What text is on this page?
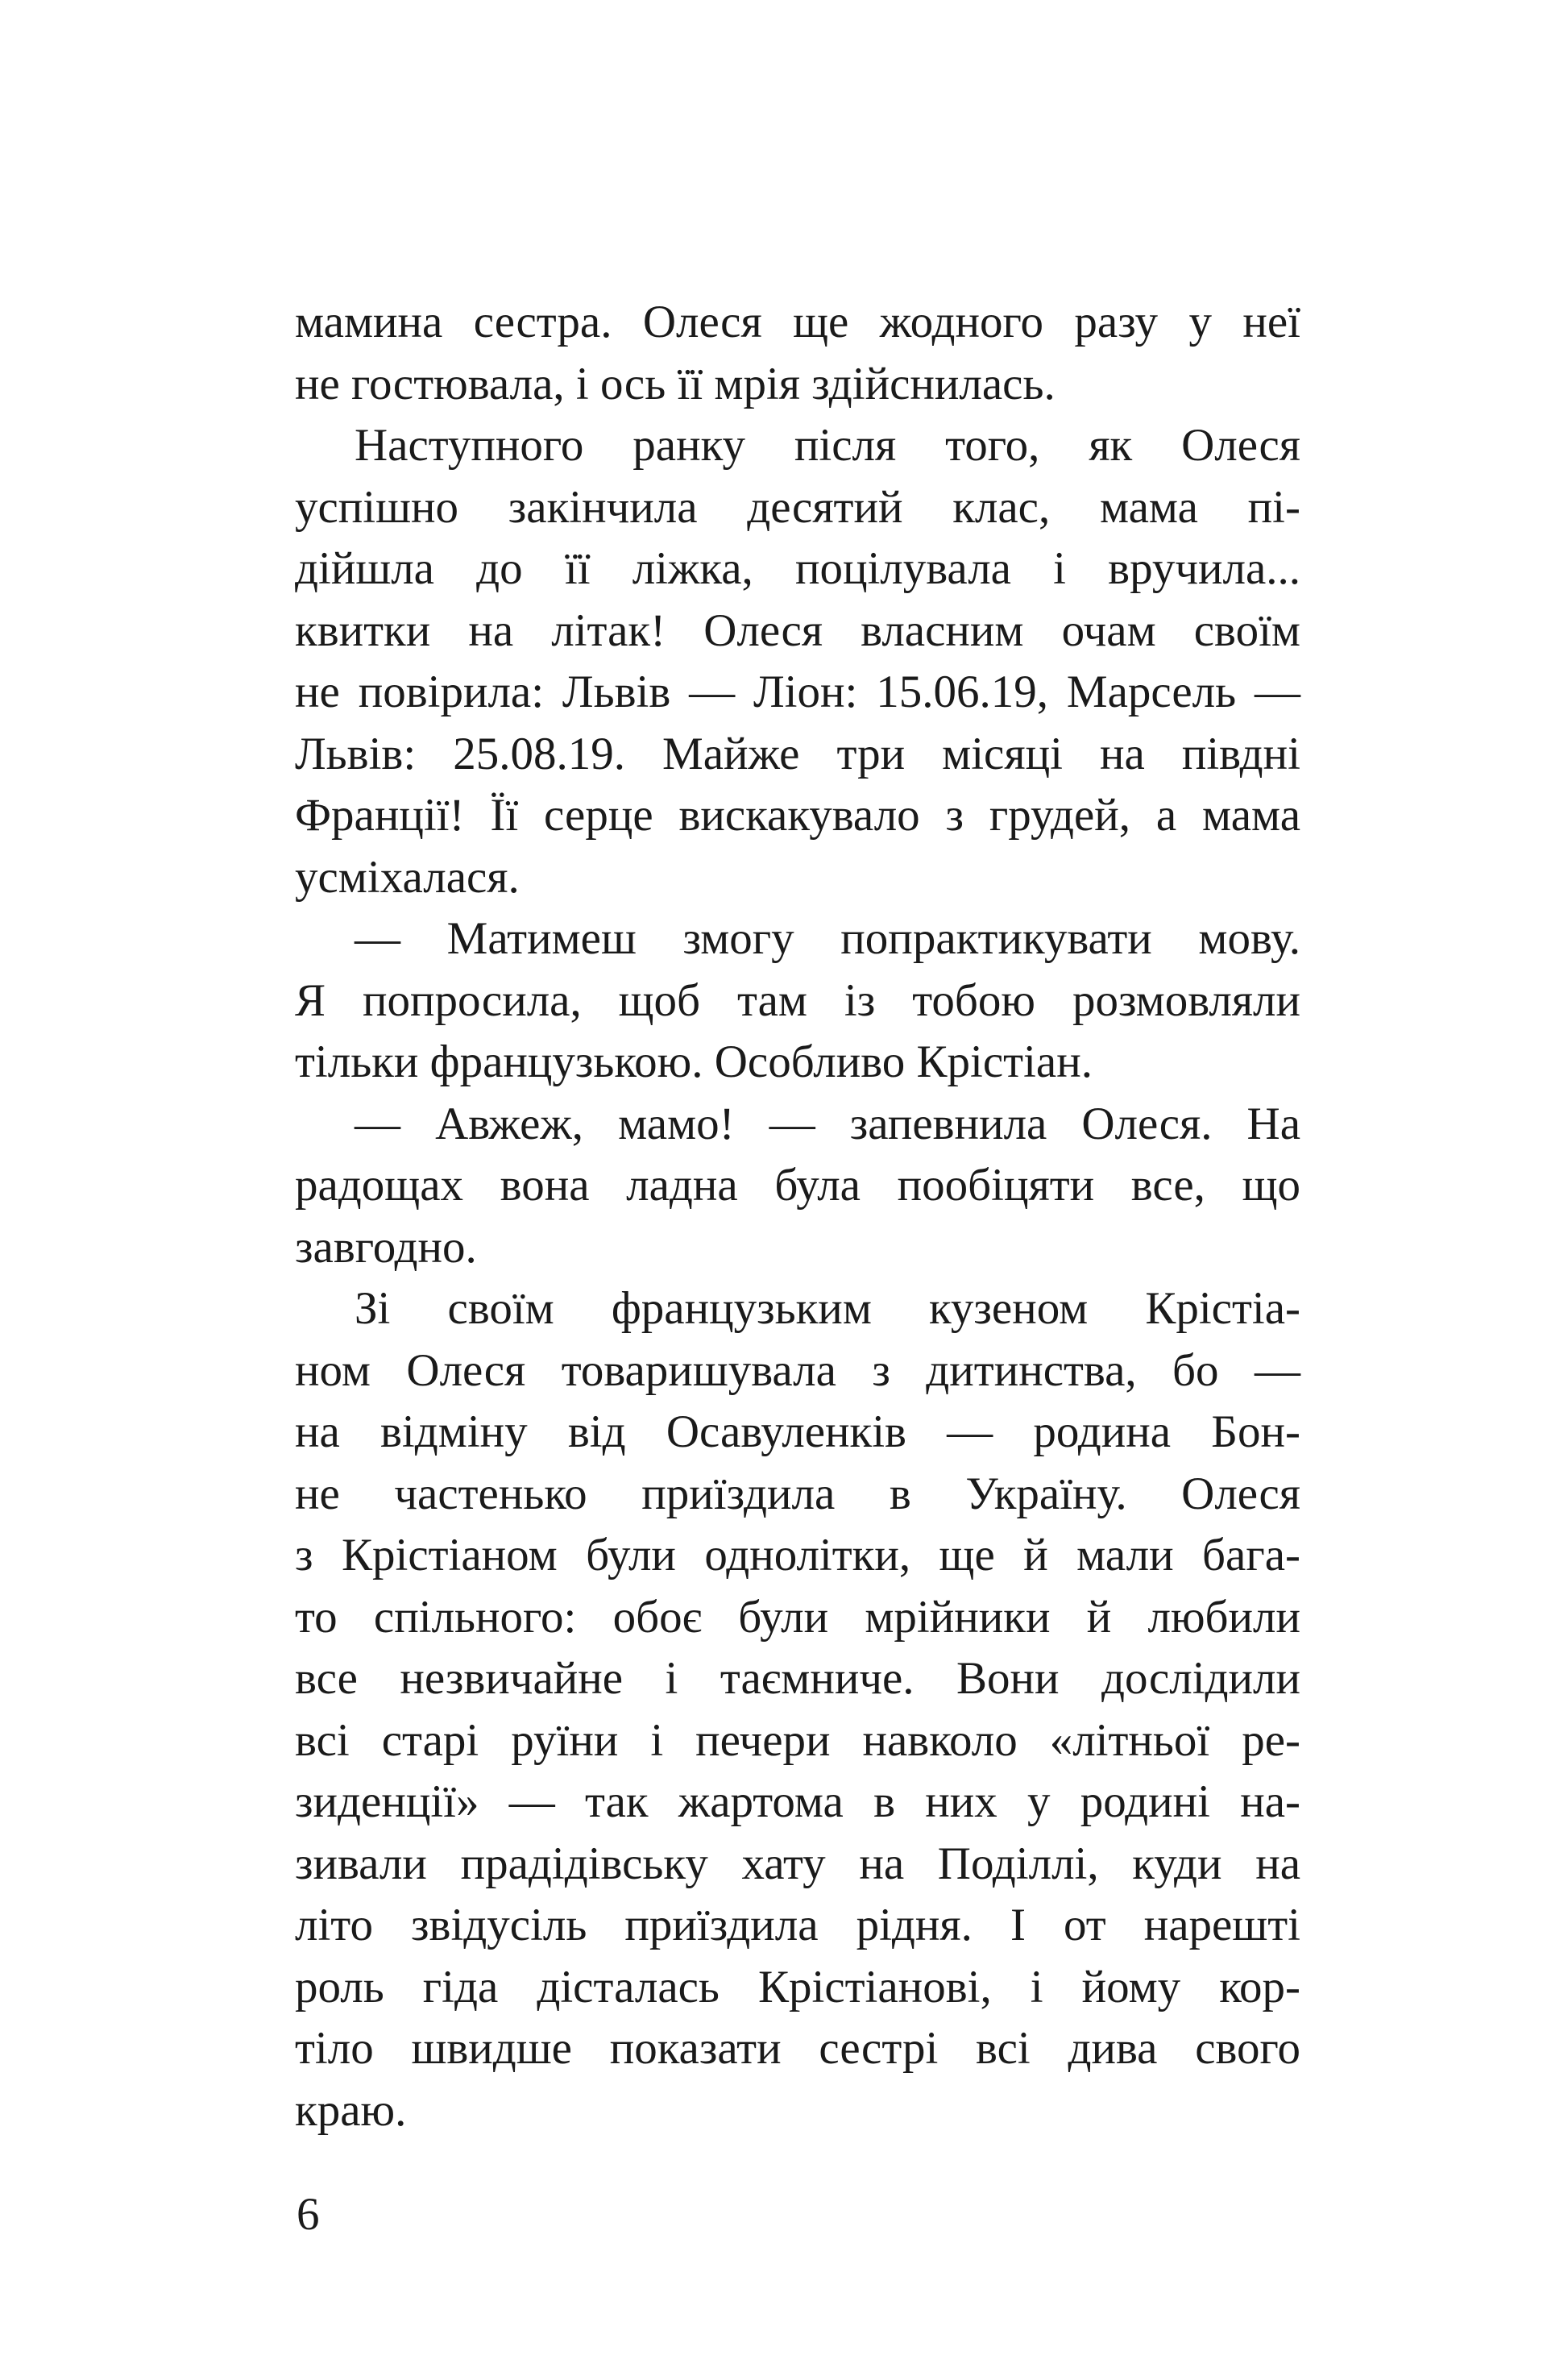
мамина сестра. Олеся ще жодного разу у неї
не гостювала, і ось її мрія здійснилась.
Наступного ранку після того, як Олеся
успішно закінчила десятий клас, мама пі-
дійшла до її ліжка, поцілувала і вручила...
квитки на літак! Олеся власним очам своїм
не повірила: Львів — Ліон: 15.06.19, Марсель —
Львів: 25.08.19. Майже три місяці на півдні
Франції! Її серце вискакувало з грудей, а мама
усміхалася.
— Матимеш змогу попрактикувати мову.
Я попросила, щоб там із тобою розмовляли
тільки французькою. Особливо Крістіан.
— Авжеж, мамо! — запевнила Олеся. На
радощах вона ладна була пообіцяти все, що
завгодно.
Зі своїм французьким кузеном Крістіа-
ном Олеся товаришувала з дитинства, бо —
на відміну від Осавуленків — родина Бон-
не частенько приїздила в Україну. Олеся
з Крістіаном були однолітки, ще й мали бага-
то спільного: обоє були мрійники й любили
все незвичайне і таємниче. Вони дослідили
всі старі руїни і печери навколо «літньої ре-
зиденції» — так жартома в них у родині на-
зивали прадідівську хату на Поділлі, куди на
літо звідусіль приїздила рідня. І от нарешті
роль гіда дісталась Крістіанові, і йому кор-
тіло швидше показати сестрі всі дива свого
краю.
6
